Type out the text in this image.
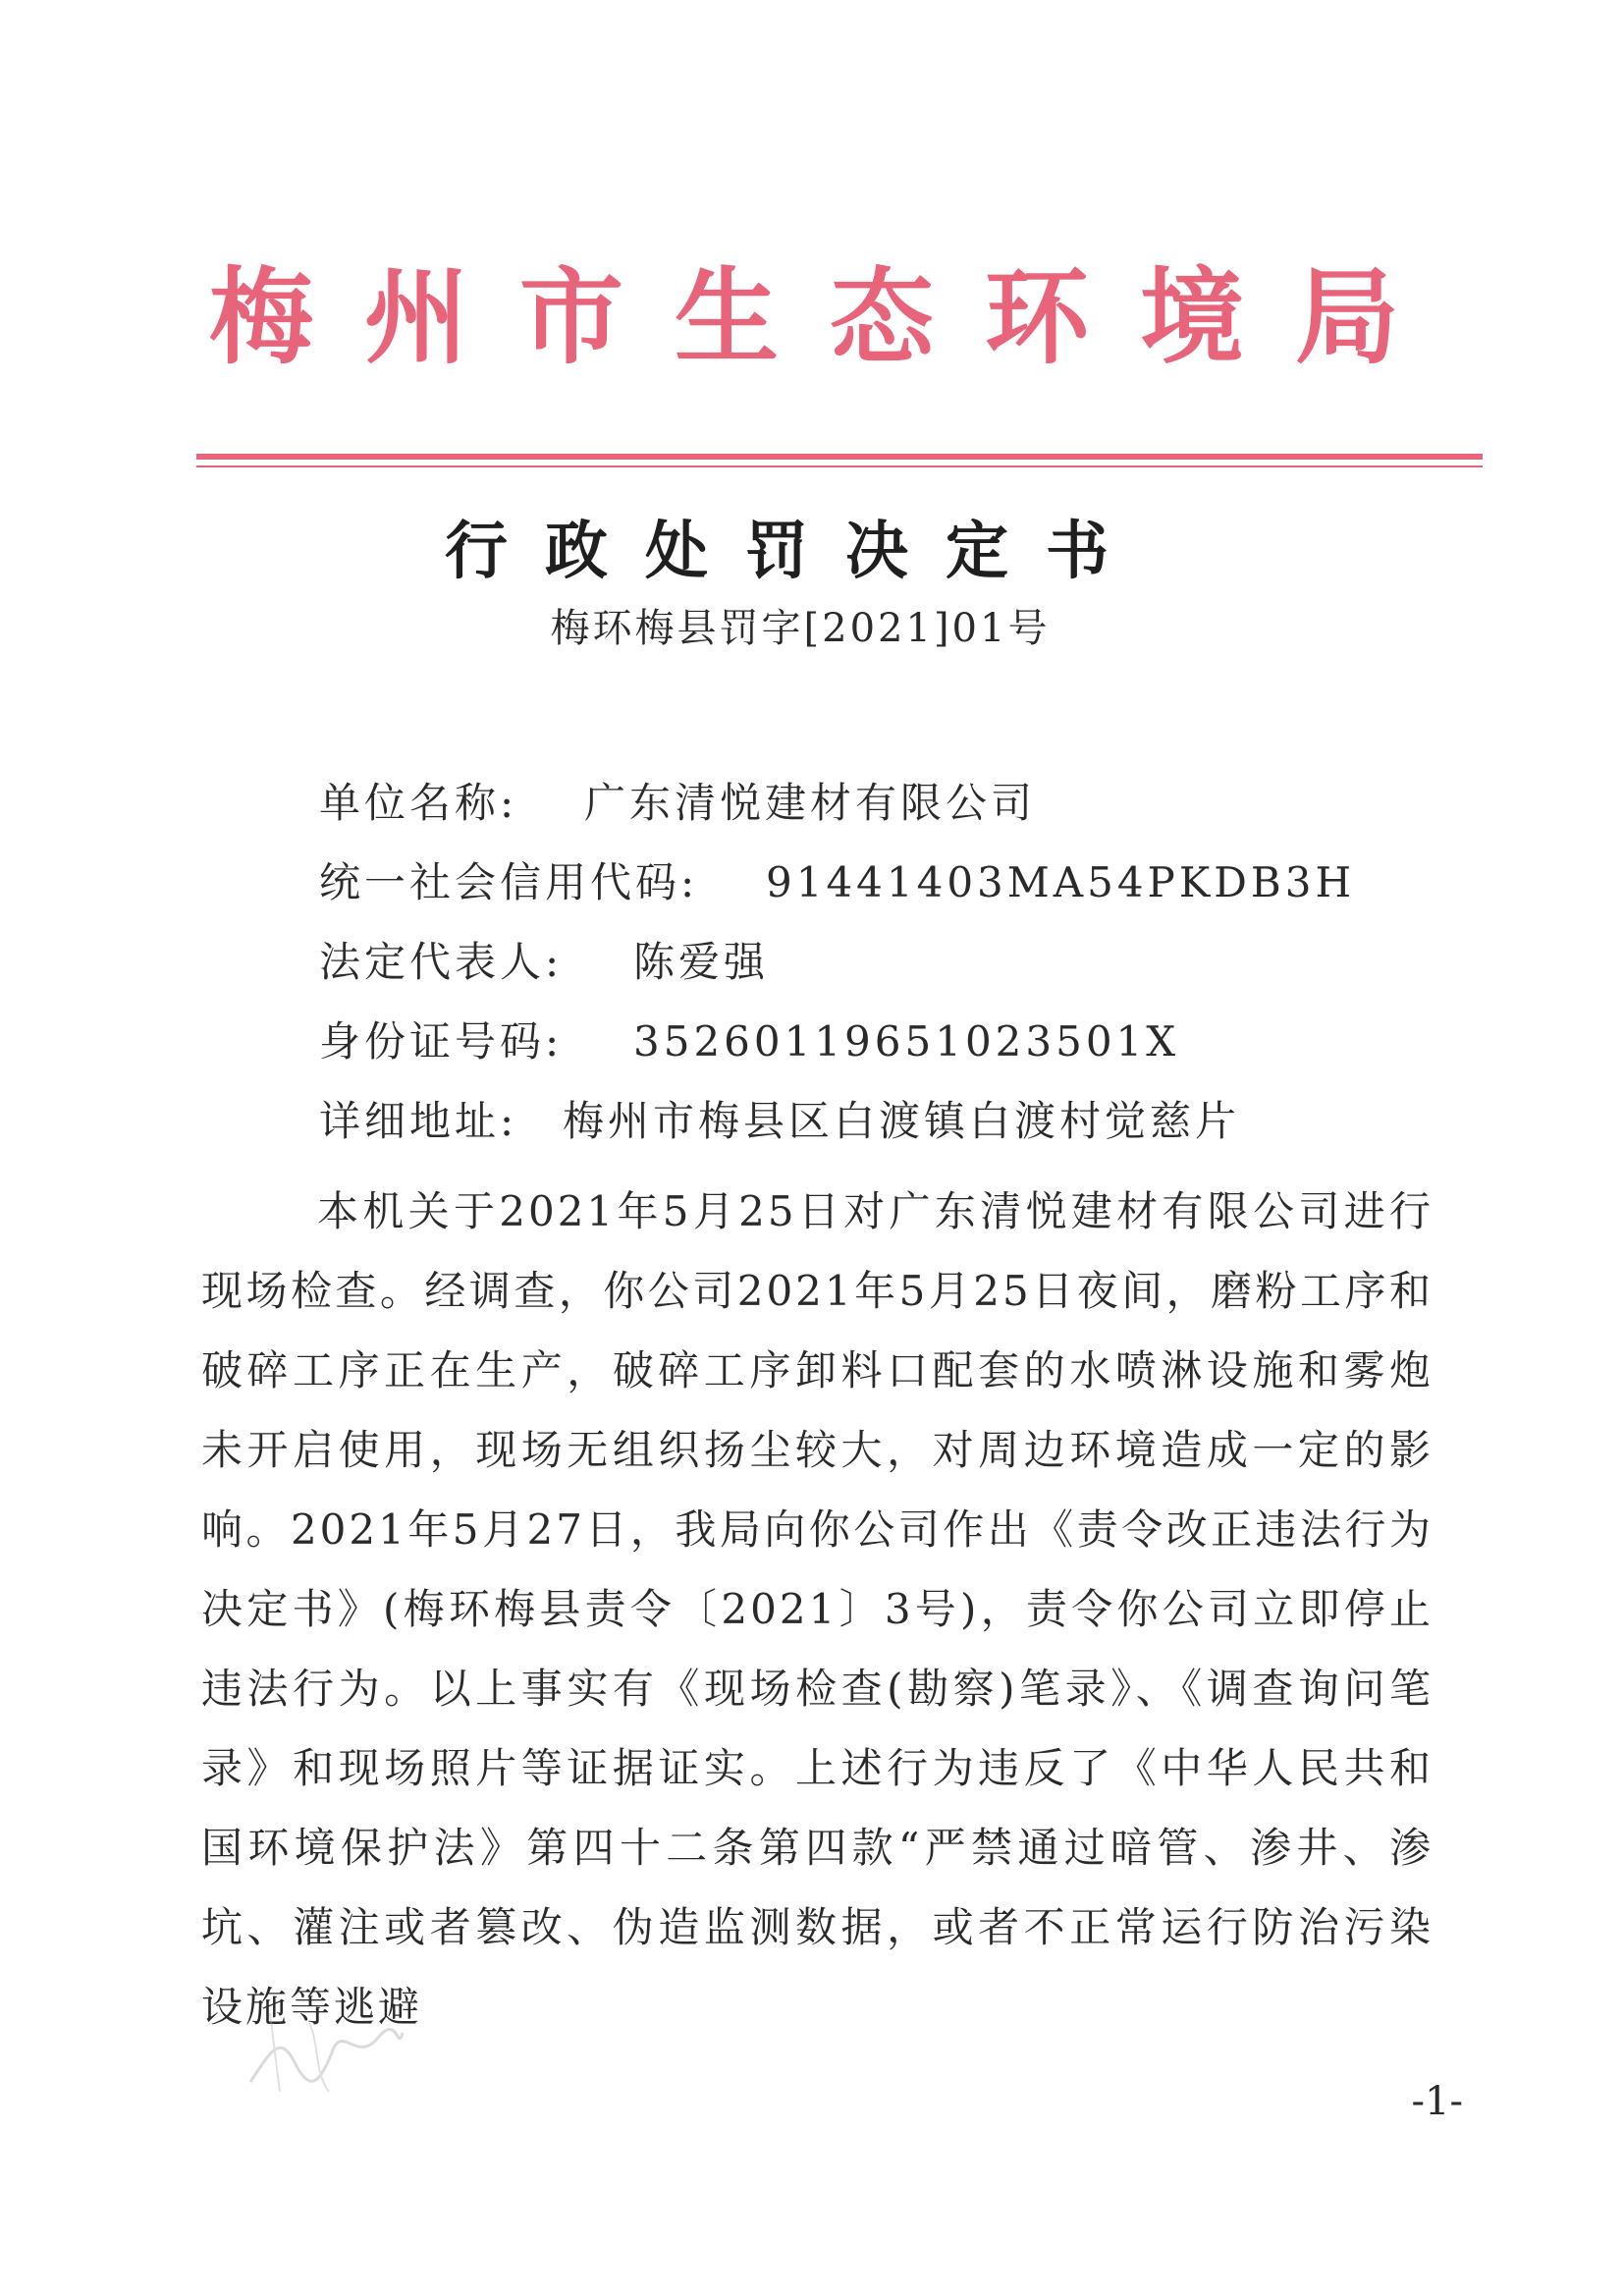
梅州市生态环境局
行政处罚决定书
梅环梅县罚字[2021]01号
单位名称: 广东清悦建材有限公司
统一社会信用代码: 91441403MA54PKDB3H
法定代表人: 陈爱强
身份证号码: 35260119651023501X
详细地址: 梅州市梅县区白渡镇白渡村觉慈片

本机关于2021年5月25日对广东清悦建材有限公司进行现场检查。经调查，你公司2021年5月25日夜间，磨粉工序和破碎工序正在生产，破碎工序卸料口配套的水喷淋设施和雾炮未开启使用，现场无组织扬尘较大，对周边环境造成一定的影响。2021年5月27日，我局向你公司作出《责令改正违法行为决定书》(梅环梅县责令〔2021〕3号)，责令你公司立即停止违法行为。以上事实有《现场检查(勘察)笔录》、《调查询问笔录》和现场照片等证据证实。上述行为违反了《中华人民共和国环境保护法》第四十二条第四款“严禁通过暗管、渗井、渗坑、灌注或者篡改、伪造监测数据，或者不正常运行防治污染设施等逃避

-1-
